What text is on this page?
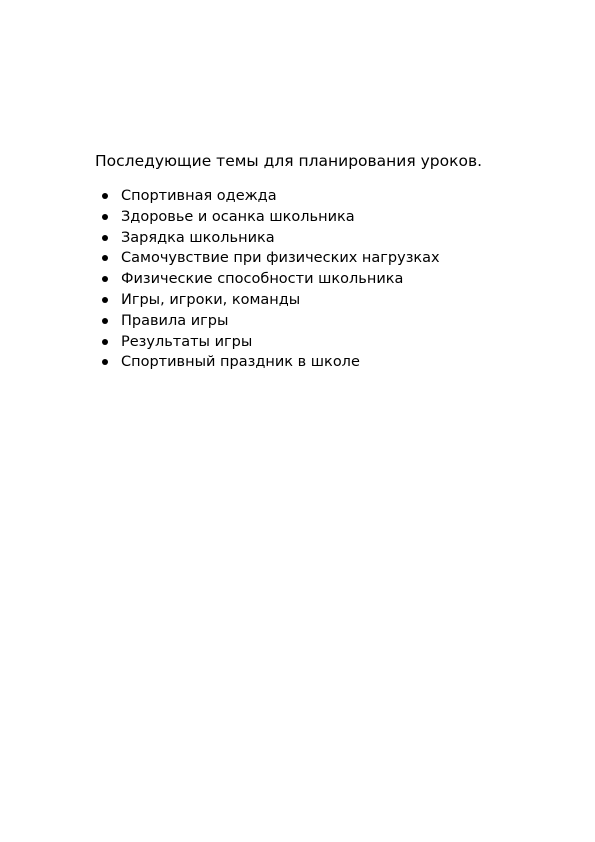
Последующие темы для планирования уроков.
Спортивная одежда
Здоровье и осанка школьника
Зарядка школьника
Самочувствие при физических нагрузках
Физические способности школьника
Игры, игроки, команды
Правила игры
Результаты игры
Спортивный праздник в школе
